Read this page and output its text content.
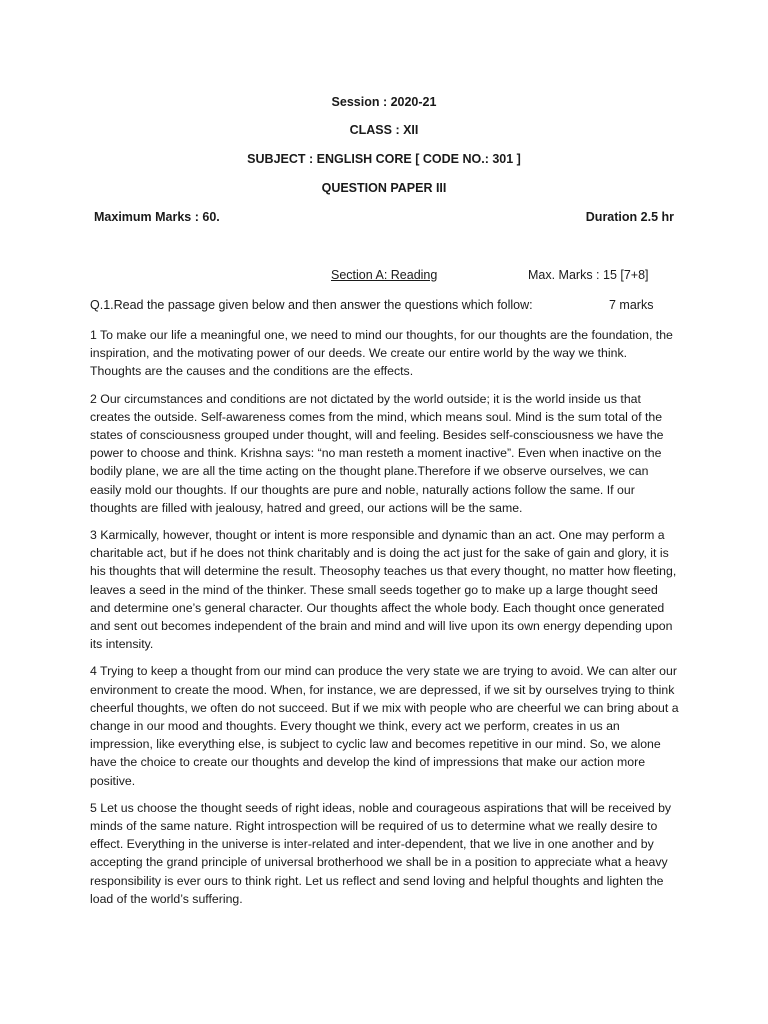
Session : 2020-21
CLASS : XII
SUBJECT : ENGLISH CORE [ CODE NO.: 301 ]
QUESTION PAPER III
Maximum Marks : 60.	Duration 2.5 hr
Section A: Reading	Max. Marks : 15 [7+8]
Q.1.Read the passage given below and then answer the questions which follow:	7 marks

1 To make our life a meaningful one, we need to mind our thoughts, for our thoughts are the foundation, the inspiration, and the motivating power of our deeds. We create our entire world by the way we think. Thoughts are the causes and the conditions are the effects.

2 Our circumstances and conditions are not dictated by the world outside; it is the world inside us that creates the outside. Self-awareness comes from the mind, which means soul. Mind is the sum total of the states of consciousness grouped under thought, will and feeling. Besides self-consciousness we have the power to choose and think. Krishna says: “no man resteth a moment inactive”. Even when inactive on the bodily plane, we are all the time acting on the thought plane.Therefore if we observe ourselves, we can easily mold our thoughts. If our thoughts are pure and noble, naturally actions follow the same. If our thoughts are filled with jealousy, hatred and greed, our actions will be the same.

3 Karmically, however, thought or intent is more responsible and dynamic than an act. One may perform a charitable act, but if he does not think charitably and is doing the act just for the sake of gain and glory, it is his thoughts that will determine the result. Theosophy teaches us that every thought, no matter how fleeting, leaves a seed in the mind of the thinker. These small seeds together go to make up a large thought seed and determine one’s general character. Our thoughts affect the whole body. Each thought once generated and sent out becomes independent of the brain and mind and will live upon its own energy depending upon its intensity.

4 Trying to keep a thought from our mind can produce the very state we are trying to avoid. We can alter our environment to create the mood. When, for instance, we are depressed, if we sit by ourselves trying to think cheerful thoughts, we often do not succeed. But if we mix with people who are cheerful we can bring about a change in our mood and thoughts. Every thought we think, every act we perform, creates in us an impression, like everything else, is subject to cyclic law and becomes repetitive in our mind. So, we alone have the choice to create our thoughts and develop the kind of impressions that make our action more positive.

5 Let us choose the thought seeds of right ideas, noble and courageous aspirations that will be received by minds of the same nature. Right introspection will be required of us to determine what we really desire to effect. Everything in the universe is inter-related and inter-dependent, that we live in one another and by accepting the grand principle of universal brotherhood we shall be in a position to appreciate what a heavy responsibility is ever ours to think right. Let us reflect and send loving and helpful thoughts and lighten the load of the world’s suffering.
